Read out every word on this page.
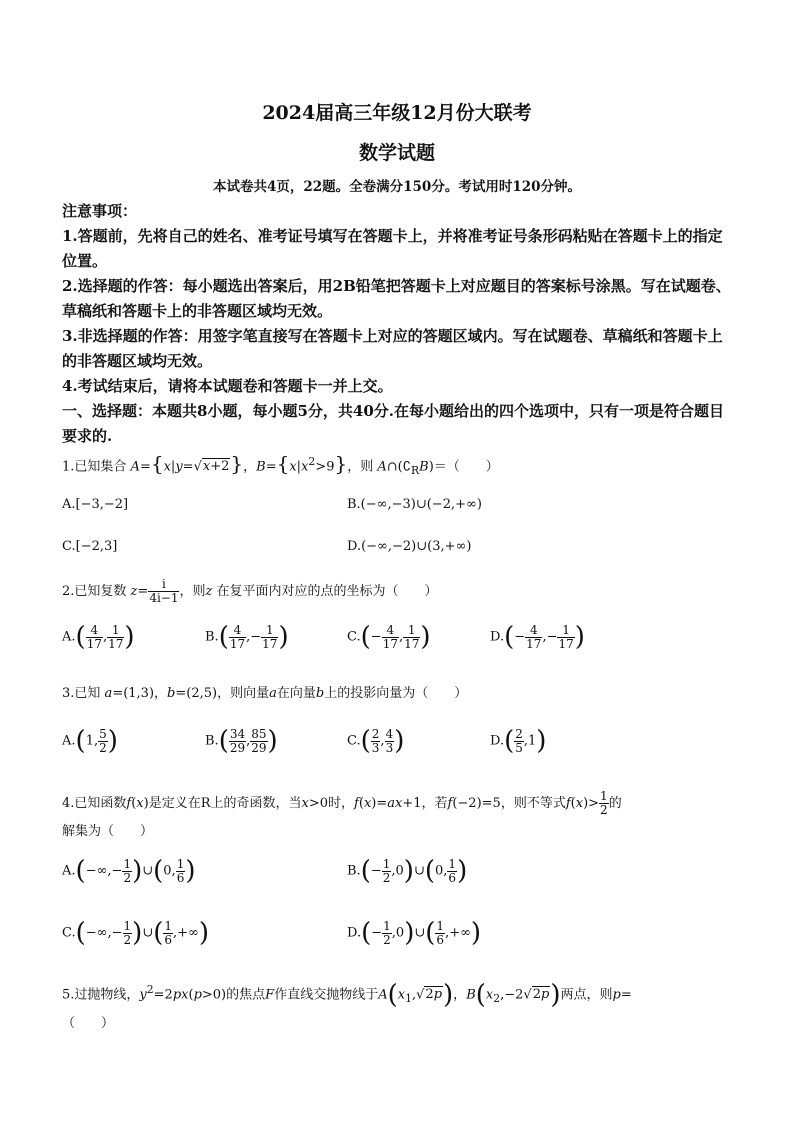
2024届高三年级12月份大联考
数学试题
本试卷共4页，22题。全卷满分150分。考试用时120分钟。

注意事项：

1.答题前，先将自己的姓名、准考证号填写在答题卡上，并将准考证号条形码粘贴在答题卡上的指定位置。

2.选择题的作答：每小题选出答案后，用2B铅笔把答题卡上对应题目的答案标号涂黑。写在试题卷、草稿纸和答题卡上的非答题区域均无效。

3.非选择题的作答：用签字笔直接写在答题卡上对应的答题区域内。写在试题卷、草稿纸和答题卡上的非答题区域均无效。

4.考试结束后，请将本试题卷和答题卡一并上交。

一、选择题：本题共8小题，每小题5分，共40分.在每小题给出的四个选项中，只有一项是符合题目要求的.

1.已知集合 A={x|y=√x+2}，$B=\{x|x^2>9\}$，则 $A\cap(∁_RB)=$（　　）
A.[−3,−2]	B.(−∞,−3)∪(−2,+∞)
C.[−2,3]	D.(−∞,−2)∪(3,+∞)
2.已知复数 $z= \frac{i}{4i-1}$ ，则z 在复平面内对应的点的坐标为（　　）
$A.( \frac{4}{17}$ , $\frac{1}{17}$ )	$B.( \frac{4}{17}$ ,− $\frac{1}{17}$ )	$C.(- \frac{4}{17}$ , $\frac{1}{17}$ )	$D.(- \frac{4}{17}$ ,− $\frac{1}{17}$ )
3.已知 a=(1,3)，b=(2,5)，则向量a在向量b上的投影向量为（　　）
A.(1, $\frac{5}{2}$ )	$B.( \frac{34}{29}$ , $\frac{85}{29}$ )	$C.( \frac{2}{3}$ , $\frac{4}{3}$ )	$D.( \frac{2}{5} ,1)$
4.已知函数f(x)是定义在R上的奇函数，当x>0时，f(x)=ax+1，若f(−2)=5，则不等式$f(x)> \frac{1}{2}$ 的
解集为（　　）
$A.(-\infty,- \frac{1}{2}$ )∪(0, $\frac{1}{6}$ )	$B.(- \frac{1}{2}$ ,0)∪(0, $\frac{1}{6}$ )
$C.(-\infty,- \frac{1}{2}$ )∪( $\frac{1}{6}$ ,+∞)	$D.(- \frac{1}{2}$ ,0)∪( $\frac{1}{6}$ ,+∞)
5.过抛物线，$y^2=2px(p>0)$的焦点F作直线交抛物线于$A(x_1,√2p)$，$B(x_2,-2√2p)$两点，则p=
（　　）
